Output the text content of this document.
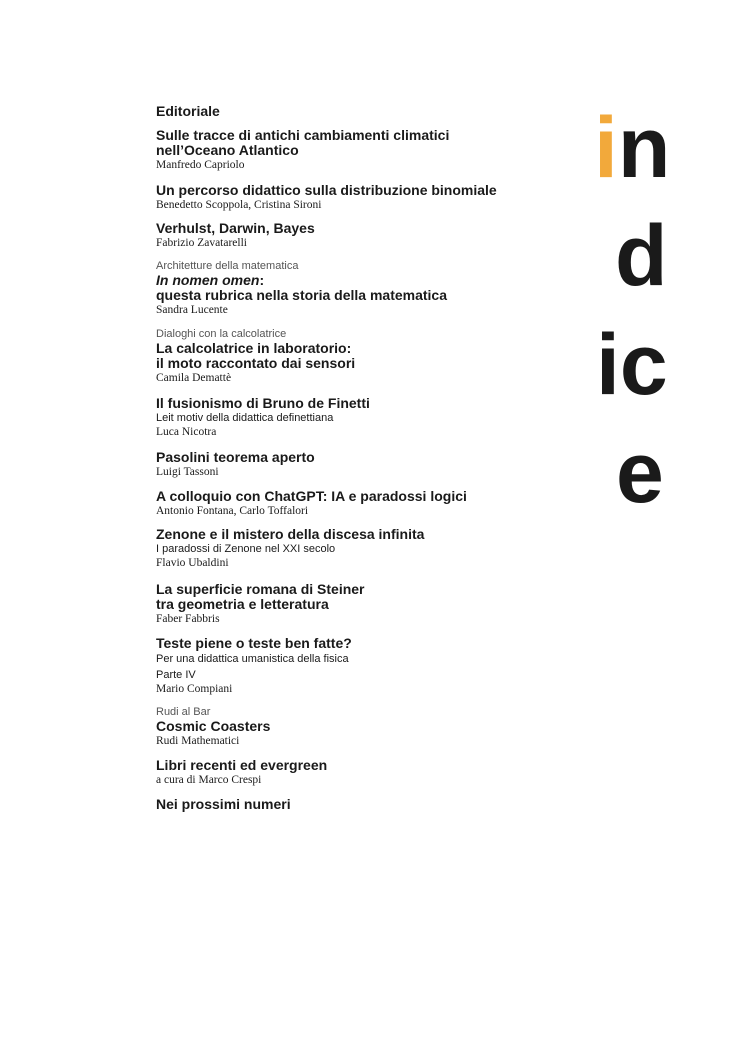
in
d
ic
e
Editoriale
Sulle tracce di antichi cambiamenti climatici
nell’Oceano Atlantico
Manfredo Capriolo
Un percorso didattico sulla distribuzione binomiale
Benedetto Scoppola, Cristina Sironi
Verhulst, Darwin, Bayes
Fabrizio Zavatarelli
Architetture della matematica
In nomen omen:
questa rubrica nella storia della matematica
Sandra Lucente
Dialoghi con la calcolatrice
La calcolatrice in laboratorio:
il moto raccontato dai sensori
Camila Demattè
Il fusionismo di Bruno de Finetti
Leit motiv della didattica definettiana
Luca Nicotra
Pasolini teorema aperto
Luigi Tassoni
A colloquio con ChatGPT: IA e paradossi logici
Antonio Fontana, Carlo Toffalori
Zenone e il mistero della discesa infinita
I paradossi di Zenone nel XXI secolo
Flavio Ubaldini
La superficie romana di Steiner
tra geometria e letteratura
Faber Fabbris
Teste piene o teste ben fatte?
Per una didattica umanistica della fisica
Parte IV
Mario Compiani
Rudi al Bar
Cosmic Coasters
Rudi Mathematici
Libri recenti ed evergreen
a cura di Marco Crespi
Nei prossimi numeri
